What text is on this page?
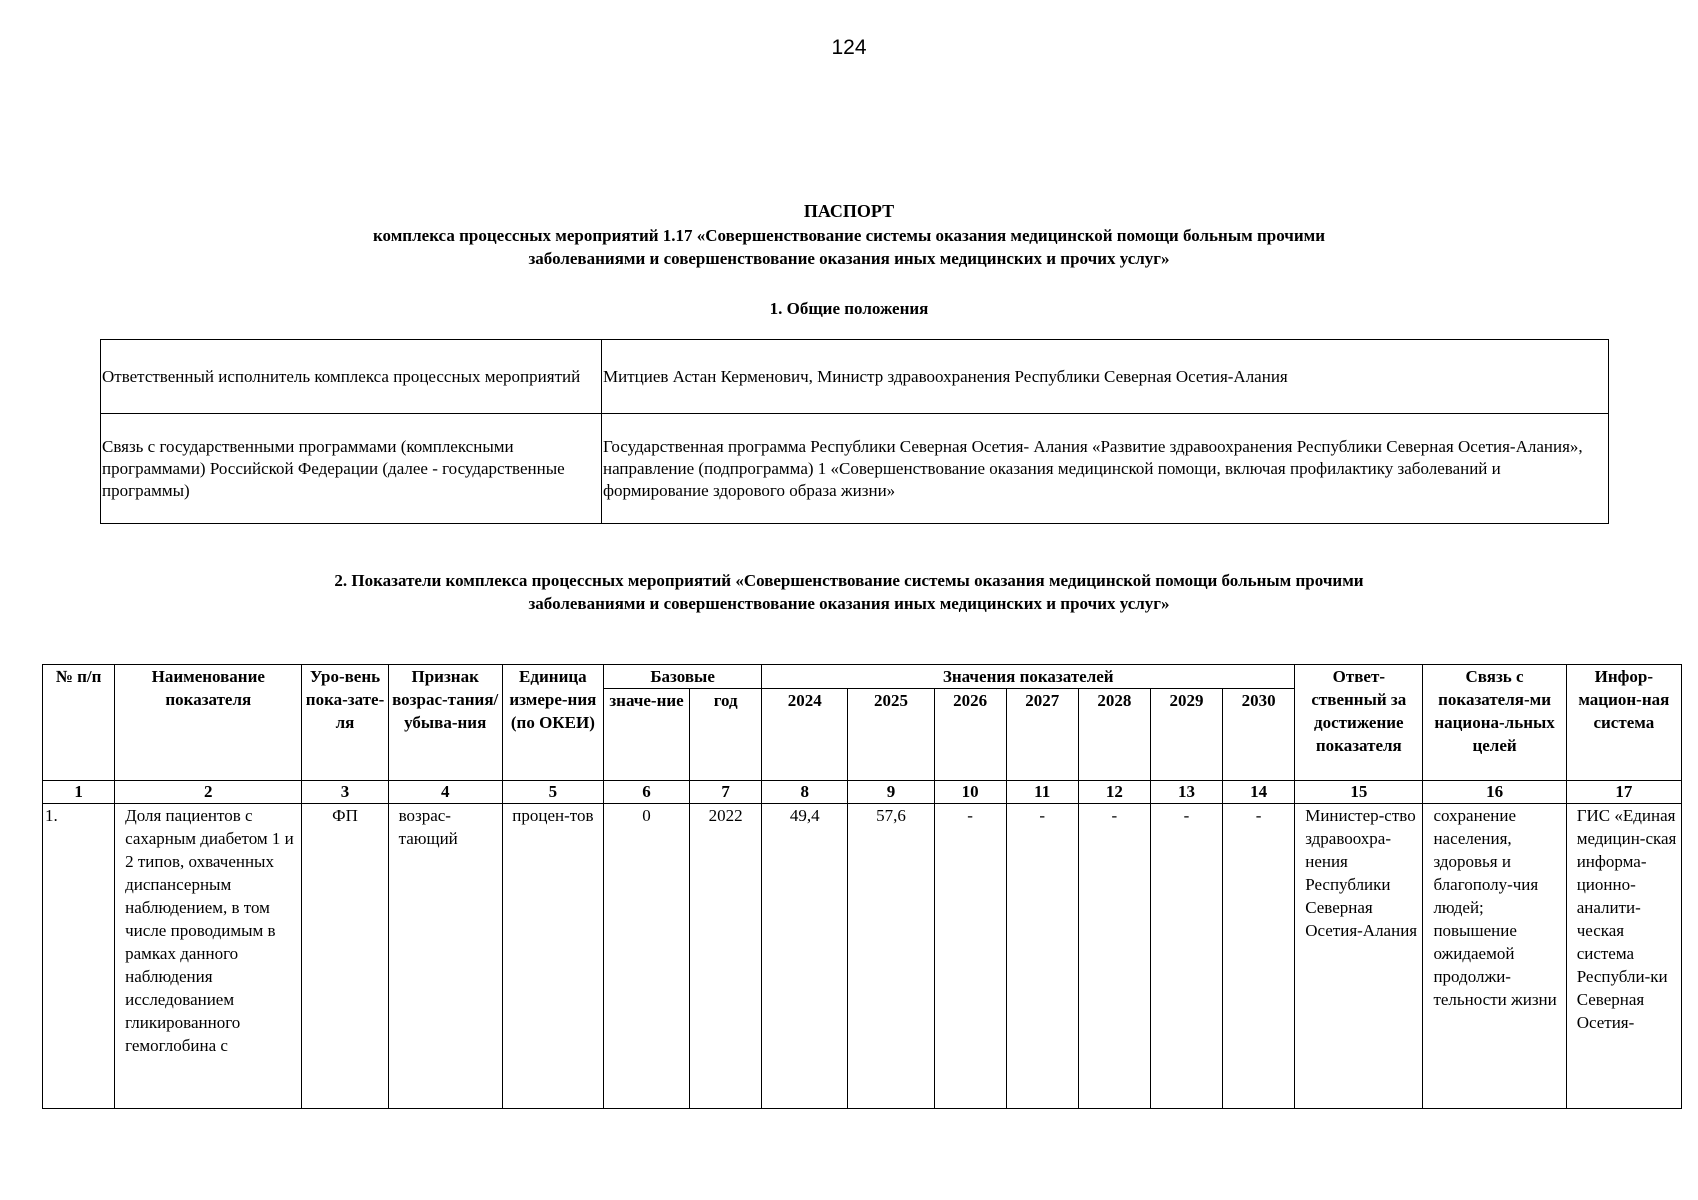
124
ПАСПОРТ
комплекса процессных мероприятий 1.17 «Совершенствование системы оказания медицинской помощи больным прочими
заболеваниями и совершенствование оказания иных медицинских и прочих услуг»
1. Общие положения
Ответственный исполнитель комплекса процессных мероприятий	Митциев Астан Керменович, Министр здравоохранения Республики Северная Осетия-Алания
Связь с государственными программами (комплексными программами) Российской Федерации (далее - государственные программы)	Государственная программа Республики Северная Осетия- Алания «Развитие здравоохранения Республики Северная Осетия-Алания»,
направление (подпрограмма) 1 «Совершенствование оказания медицинской помощи, включая профилактику заболеваний и формирование здорового образа жизни»
2. Показатели комплекса процессных мероприятий «Совершенствование системы оказания медицинской помощи больным прочими
заболеваниями и совершенствование оказания иных медицинских и прочих услуг»
№ п/п	Наименование показателя	Уро-вень пока-зате-ля	Признак возрас-тания/ убыва-ния	Единица измере-ния (по ОКЕИ)	Базовые		Значения показателей							Ответ-ственный за достижение показателя	Связь с показателя-ми национа-льных целей	Инфор-мацион-ная система
					значе-ние	год	2024	2025	2026	2027	2028	2029	2030			
1	2	3	4	5	6	7	8	9	10	11	12	13	14	15	16	17
1.	Доля пациентов с сахарным диабетом 1 и 2 типов, охваченных диспансерным наблюдением, в том числе проводимым в рамках данного наблюдения исследованием гликированного гемоглобина с	ФП	возрас-тающий	процен-тов	0	2022	49,4	57,6	-	-	-	-	-	Министер-ство здравоохра-нения Республики Северная Осетия-Алания	сохранение населения, здоровья и благополу-чия людей; повышение ожидаемой продолжи-тельности жизни	ГИС «Единая медицин-ская информа-ционно-аналити-ческая система Республи-ки Северная Осетия-
